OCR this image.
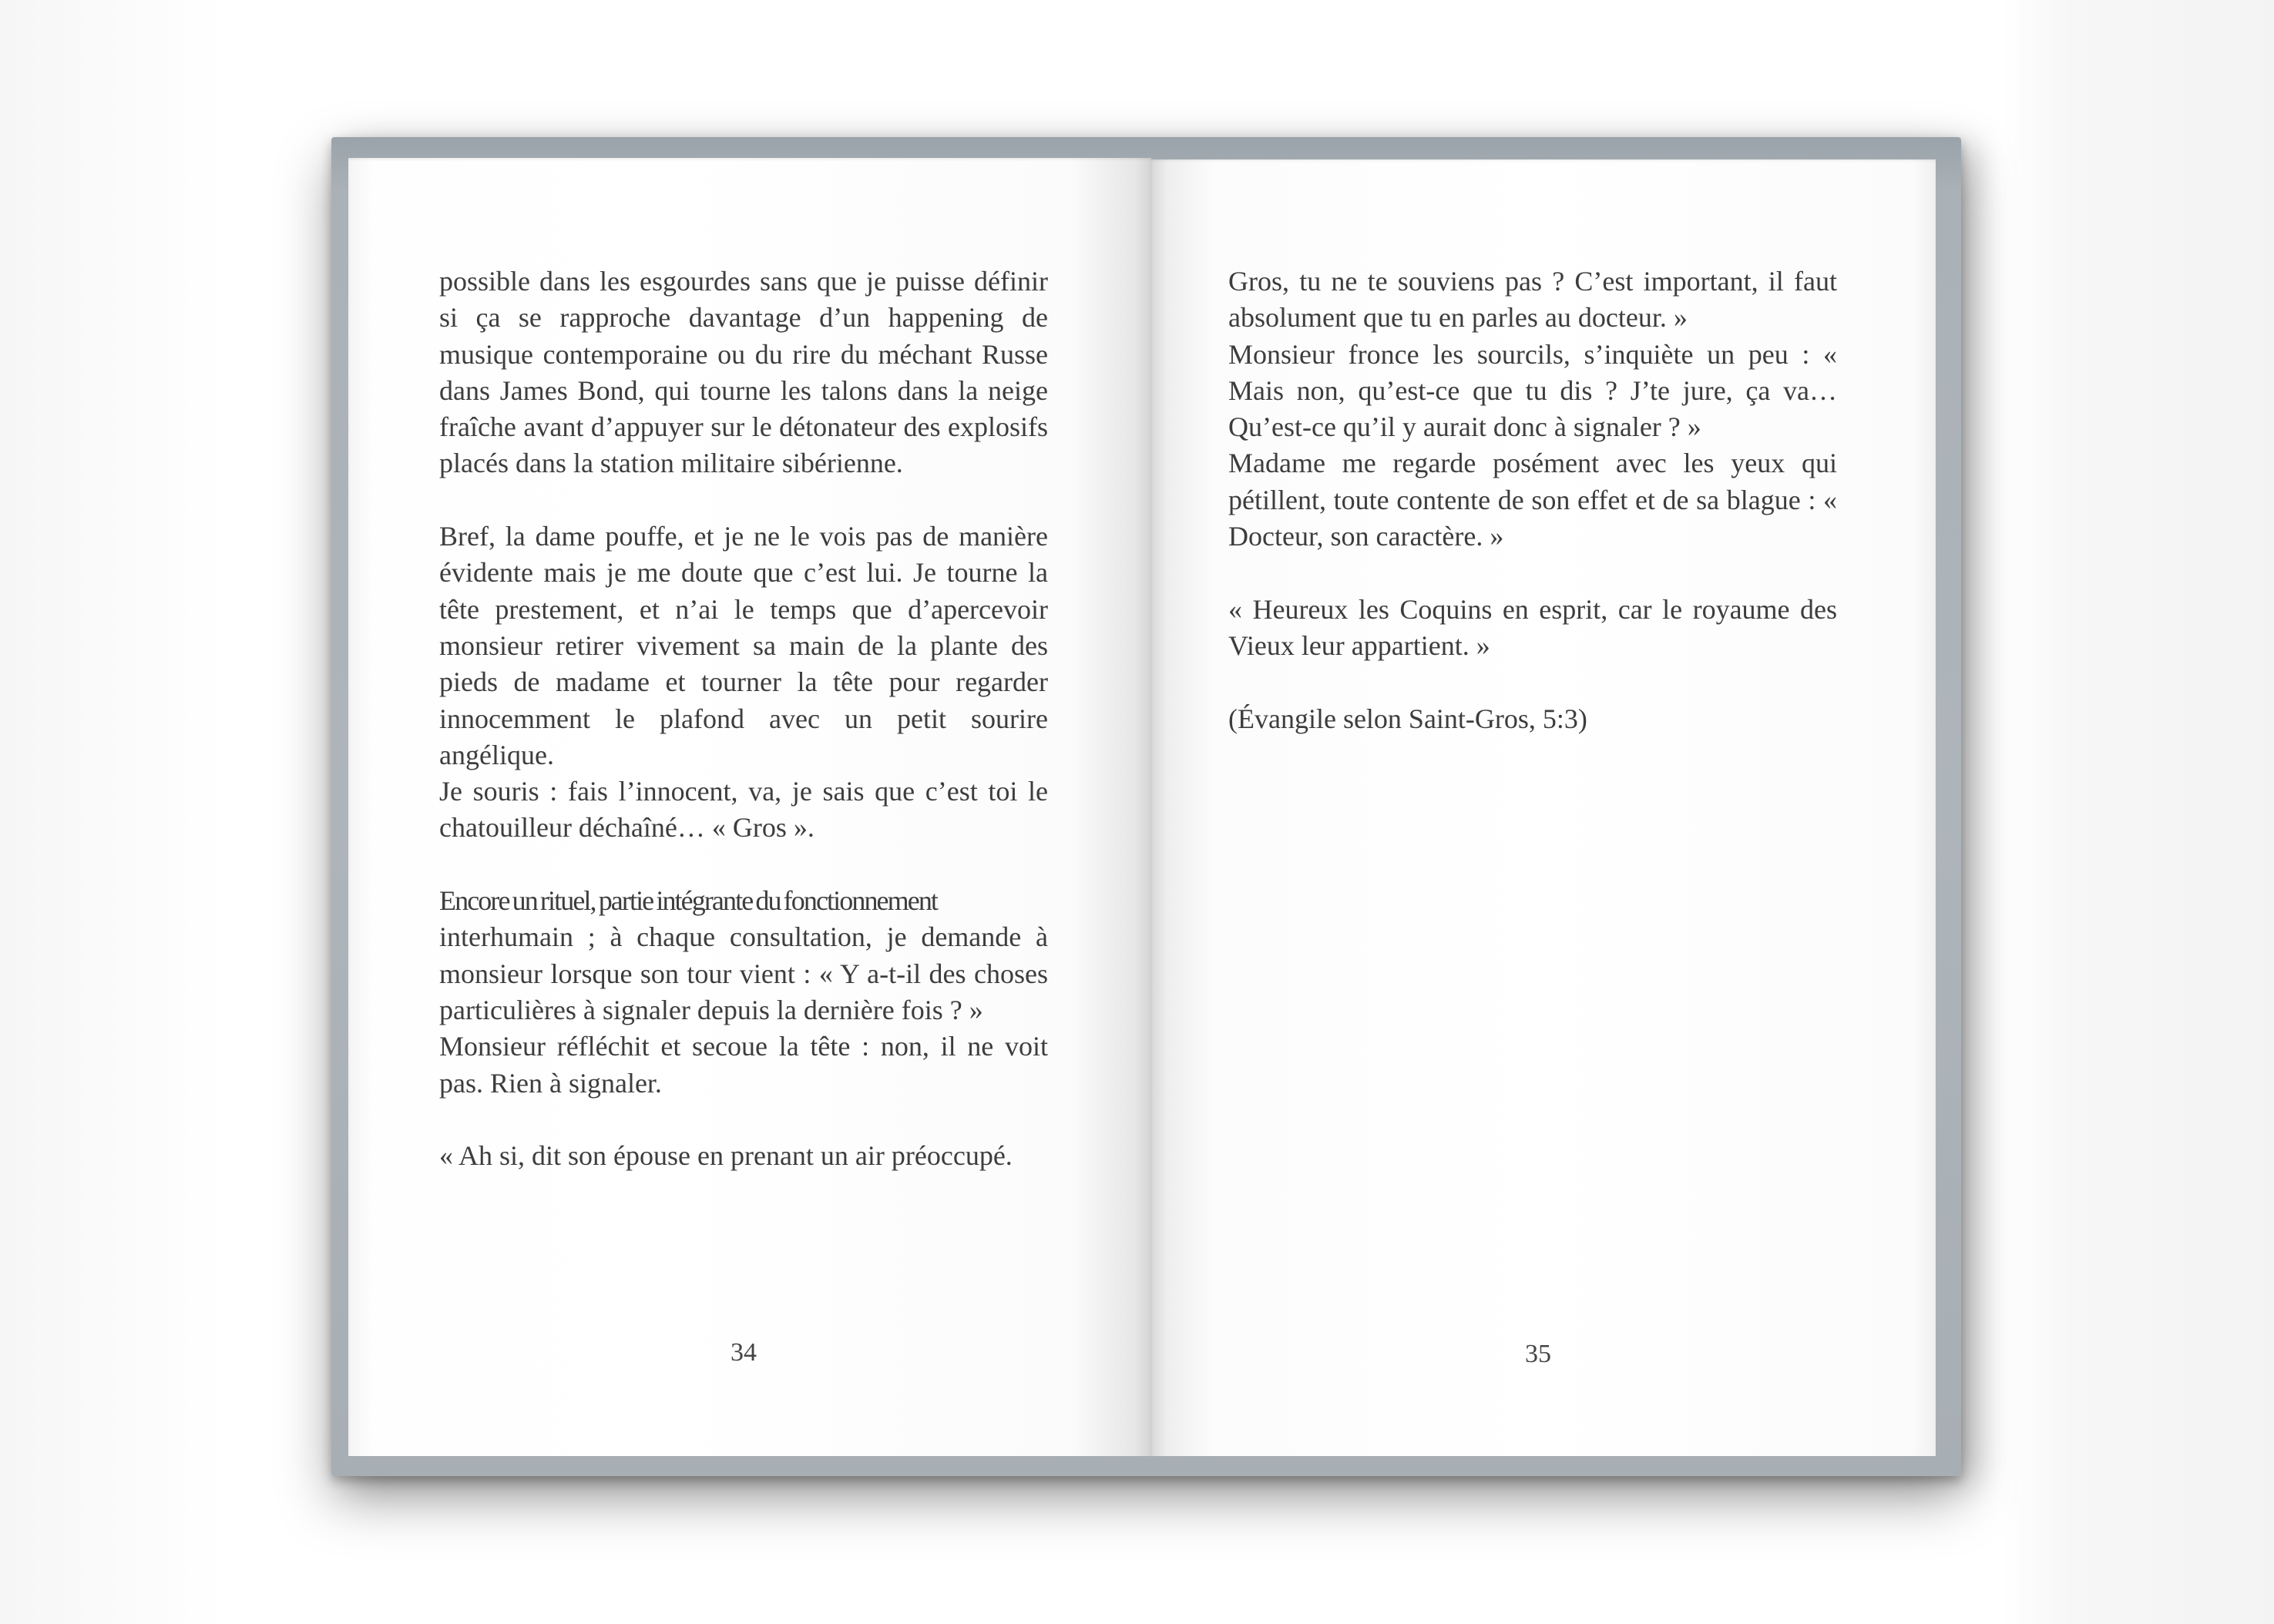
possible dans les esgourdes sans que je puisse définir si ça se rapproche davantage d’un happening de musique contemporaine ou du rire du méchant Russe dans James Bond, qui tourne les talons dans la neige fraîche avant d’appuyer sur le détonateur des explosifs placés dans la station militaire sibérienne.

Bref, la dame pouffe, et je ne le vois pas de manière évidente mais je me doute que c’est lui. Je tourne la tête prestement, et n’ai le temps que d’apercevoir monsieur retirer vivement sa main de la plante des pieds de madame et tourner la tête pour regarder innocemment le plafond avec un petit sourire angélique.

Je souris : fais l’innocent, va, je sais que c’est toi le chatouilleur déchaîné… « Gros ».

Encore un rituel, partie intégrante du fonctionnement

interhumain ; à chaque consultation, je demande à monsieur lorsque son tour vient : « Y a-t-il des choses particulières à signaler depuis la dernière fois ? »

Monsieur réfléchit et secoue la tête : non, il ne voit pas. Rien à signaler.

« Ah si, dit son épouse en prenant un air préoccupé.

34

Gros, tu ne te souviens pas ? C’est important, il faut absolument que tu en parles au docteur. »

Monsieur fronce les sourcils, s’inquiète un peu : « Mais non, qu’est-ce que tu dis ? J’te jure, ça va… Qu’est-ce qu’il y aurait donc à signaler ? »

Madame me regarde posément avec les yeux qui pétillent, toute contente de son effet et de sa blague : « Docteur, son caractère. »

« Heureux les Coquins en esprit, car le royaume des Vieux leur appartient. »

(Évangile selon Saint-Gros, 5:3)

35
